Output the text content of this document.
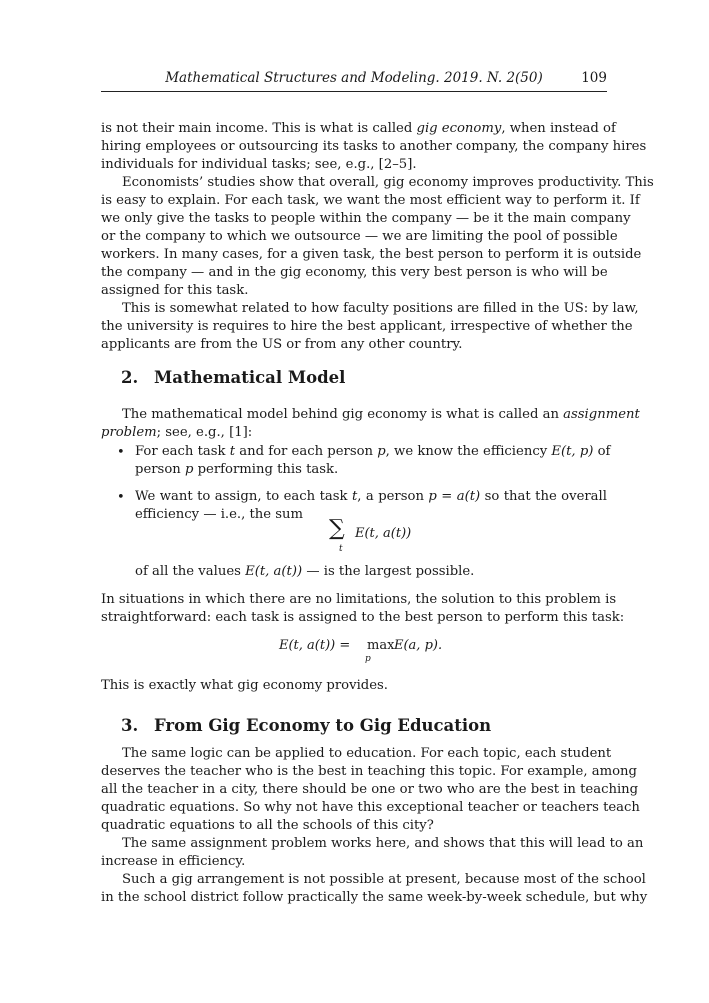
Mathematical Structures and Modeling. 2019. N. 2(50)	109
is not their main income. This is what is called gig economy, when instead of
hiring employees or outsourcing its tasks to another company, the company hires
individuals for individual tasks; see, e.g., [2–5].
Economists’ studies show that overall, gig economy improves productivity. This
is easy to explain. For each task, we want the most efficient way to perform it. If
we only give the tasks to people within the company — be it the main company
or the company to which we outsource — we are limiting the pool of possible
workers. In many cases, for a given task, the best person to perform it is outside
the company — and in the gig economy, this very best person is who will be
assigned for this task.
This is somewhat related to how faculty positions are filled in the US: by law,
the university is requires to hire the best applicant, irrespective of whether the
applicants are from the US or from any other country.
2. Mathematical Model
The mathematical model behind gig economy is what is called an assignment
problem; see, e.g., [1]:
• For each task t and for each person p, we know the efficiency E(t, p) of
person p performing this task.
• We want to assign, to each task t, a person p = a(t) so that the overall
efficiency — i.e., the sum
∑
t
E(t, a(t))
of all the values E(t, a(t)) — is the largest possible.
In situations in which there are no limitations, the solution to this problem is
straightforward: each task is assigned to the best person to perform this task:
E(t, a(t)) = max
p
E(a, p).
This is exactly what gig economy provides.
3. From Gig Economy to Gig Education
The same logic can be applied to education. For each topic, each student
deserves the teacher who is the best in teaching this topic. For example, among
all the teacher in a city, there should be one or two who are the best in teaching
quadratic equations. So why not have this exceptional teacher or teachers teach
quadratic equations to all the schools of this city?
The same assignment problem works here, and shows that this will lead to an
increase in efficiency.
Such a gig arrangement is not possible at present, because most of the school
in the school district follow practically the same week-by-week schedule, but why
